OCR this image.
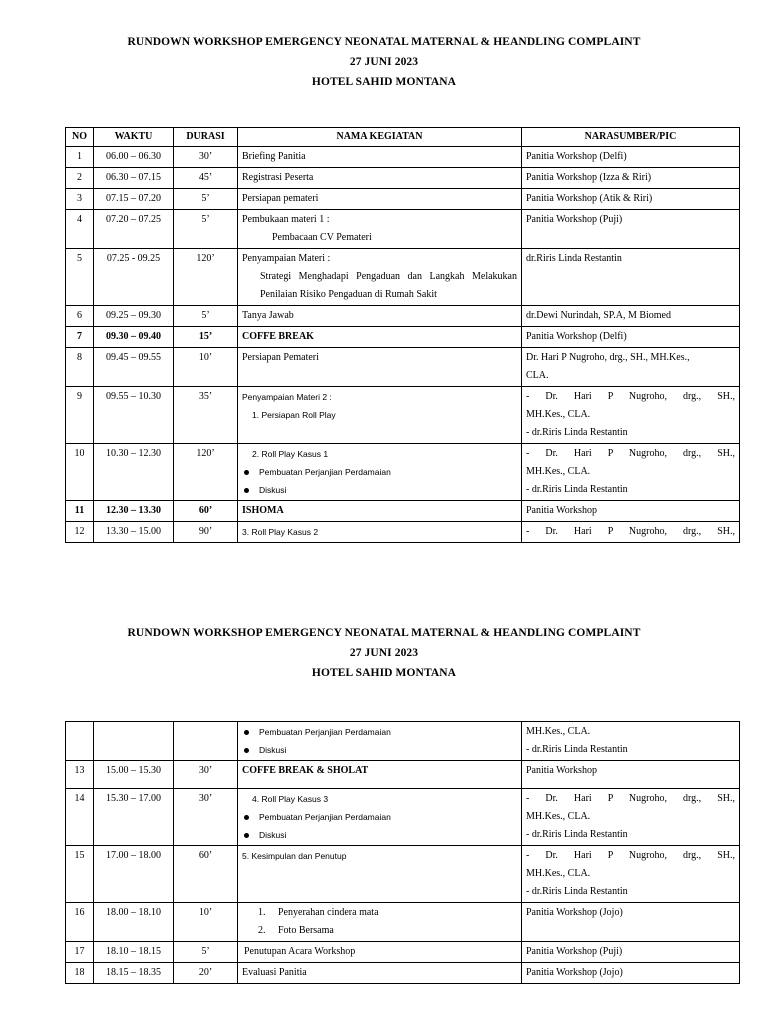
RUNDOWN WORKSHOP EMERGENCY NEONATAL MATERNAL & HEANDLING COMPLAINT
27 JUNI 2023
HOTEL SAHID MONTANA
NO	WAKTU	DURASI	NAMA KEGIATAN	NARASUMBER/PIC
1	06.00 – 06.30	30’	Briefing Panitia	Panitia Workshop (Delfi)
2	06.30 – 07.15	45’	Registrasi Peserta	Panitia Workshop (Izza & Riri)
3	07.15 – 07.20	5’	Persiapan pemateri	Panitia Workshop (Atik & Riri)
4	07.20 – 07.25	5’	Pembukaan materi 1 :
Pembacaan CV Pemateri	Panitia Workshop (Puji)
5	07.25 - 09.25	120’	Penyampaian Materi :
Strategi Menghadapi Pengaduan dan Langkah Melakukan
Penilaian Risiko Pengaduan di Rumah Sakit	dr.Riris Linda Restantin
6	09.25 – 09.30	5’	Tanya Jawab	dr.Dewi Nurindah, SP.A, M Biomed
7	09.30 – 09.40	15’	COFFE BREAK	Panitia Workshop (Delfi)
8	09.45 – 09.55	10’	Persiapan Pemateri	Dr. Hari P Nugroho, drg., SH., MH.Kes.,
CLA.

9	09.55 – 10.30	35’	Penyampaian Materi 2 :
1. Persiapan Roll Play	- Dr. Hari P Nugroho, drg., SH.,
MH.Kes., CLA.
- dr.Riris Linda Restantin

10	10.30 – 12.30	120’	2. Roll Play Kasus 1
Pembuatan Perjanjian Perdamaian
Diskusi	- Dr. Hari P Nugroho, drg., SH.,
MH.Kes., CLA.
- dr.Riris Linda Restantin

11	12.30 – 13.30	60’	ISHOMA	Panitia Workshop
12	13.30 – 15.00	90’	3. Roll Play Kasus 2	- Dr. Hari P Nugroho, drg., SH.,
RUNDOWN WORKSHOP EMERGENCY NEONATAL MATERNAL & HEANDLING COMPLAINT
27 JUNI 2023
HOTEL SAHID MONTANA

			Pembuatan Perjanjian Perdamaian
Diskusi	MH.Kes., CLA.
- dr.Riris Linda Restantin

13	15.00 – 15.30	30’	COFFE BREAK & SHOLAT	Panitia Workshop
14	15.30 – 17.00	30’	4. Roll Play Kasus 3
Pembuatan Perjanjian Perdamaian
Diskusi	- Dr. Hari P Nugroho, drg., SH.,
MH.Kes., CLA.
- dr.Riris Linda Restantin

15	17.00 – 18.00	60’	5. Kesimpulan dan Penutup	- Dr. Hari P Nugroho, drg., SH.,
MH.Kes., CLA.
- dr.Riris Linda Restantin

16	18.00 – 18.10	10’	1. Penyerahan cindera mata
2. Foto Bersama	Panitia Workshop (Jojo)
17	18.10 – 18.15	5’	Penutupan Acara Workshop	Panitia Workshop (Puji)
18	18.15 – 18.35	20’	Evaluasi Panitia	Panitia Workshop (Jojo)
